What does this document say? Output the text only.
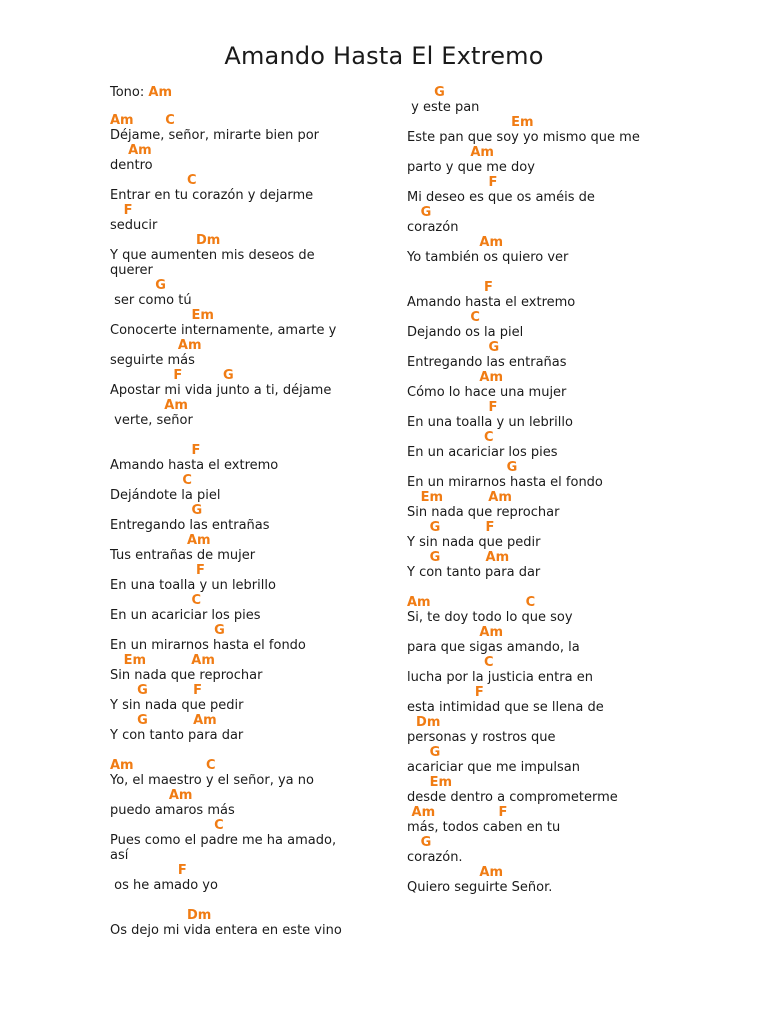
Amando Hasta El Extremo
Tono: Am
Am       C
Déjame, señor, mirarte bien por
Am
dentro
C
Entrar en tu corazón y dejarme
F
seducir
Dm
Y que aumenten mis deseos de
querer
G
ser como tú
Em
Conocerte internamente, amarte y
Am
seguirte más
F         G
Apostar mi vida junto a ti, déjame
Am
verte, señor
F
Amando hasta el extremo
C
Dejándote la piel
G
Entregando las entrañas
Am
Tus entrañas de mujer
F
En una toalla y un lebrillo
C
En un acariciar los pies
G
En un mirarnos hasta el fondo
Em          Am
Sin nada que reprochar
G          F
Y sin nada que pedir
G          Am
Y con tanto para dar
Am                C
Yo, el maestro y el señor, ya no
Am
puedo amaros más
C
Pues como el padre me ha amado,
así
F
os he amado yo
Dm
Os dejo mi vida entera en este vino
G
y este pan
Em
Este pan que soy yo mismo que me
Am
parto y que me doy
F
Mi deseo es que os améis de
G
corazón
Am
Yo también os quiero ver
F
Amando hasta el extremo
C
Dejando os la piel
G
Entregando las entrañas
Am
Cómo lo hace una mujer
F
En una toalla y un lebrillo
C
En un acariciar los pies
G
En un mirarnos hasta el fondo
Em          Am
Sin nada que reprochar
G          F
Y sin nada que pedir
G          Am
Y con tanto para dar
Am                     C
Si, te doy todo lo que soy
Am
para que sigas amando, la
C
lucha por la justicia entra en
F
esta intimidad que se llena de
Dm
personas y rostros que
G
acariciar que me impulsan
Em
desde dentro a comprometerme
Am              F
más, todos caben en tu
G
corazón.
Am
Quiero seguirte Señor.
